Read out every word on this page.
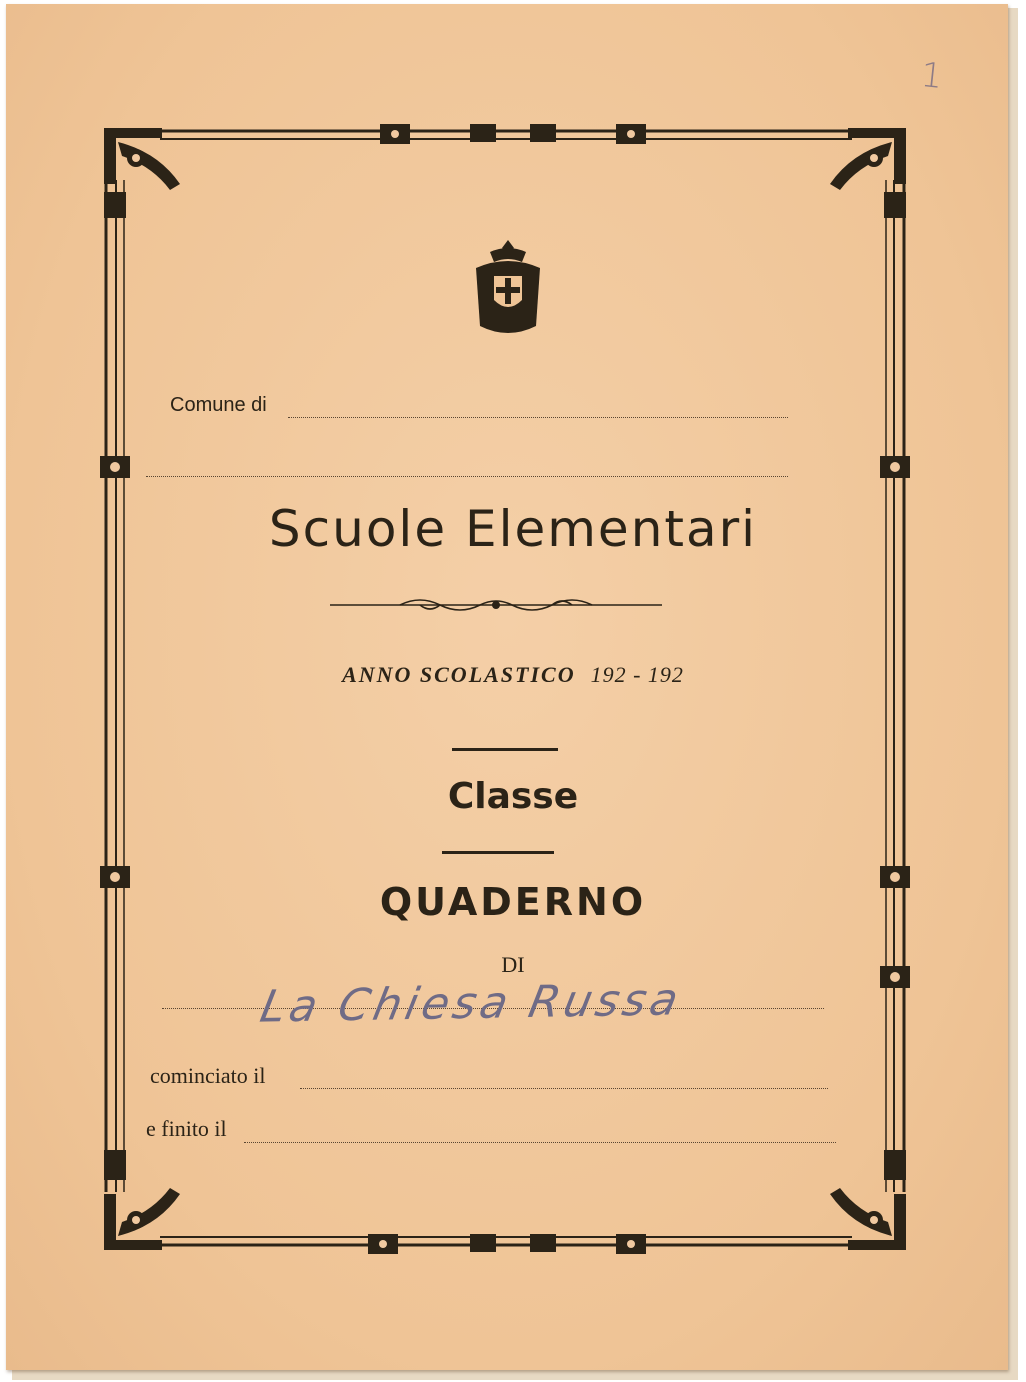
1
Comune di
Scuole Elementari
ANNO SCOLASTICO 192 - 192
Classe
QUADERNO
DI
La Chiesa Russa
cominciato il
e finito il
